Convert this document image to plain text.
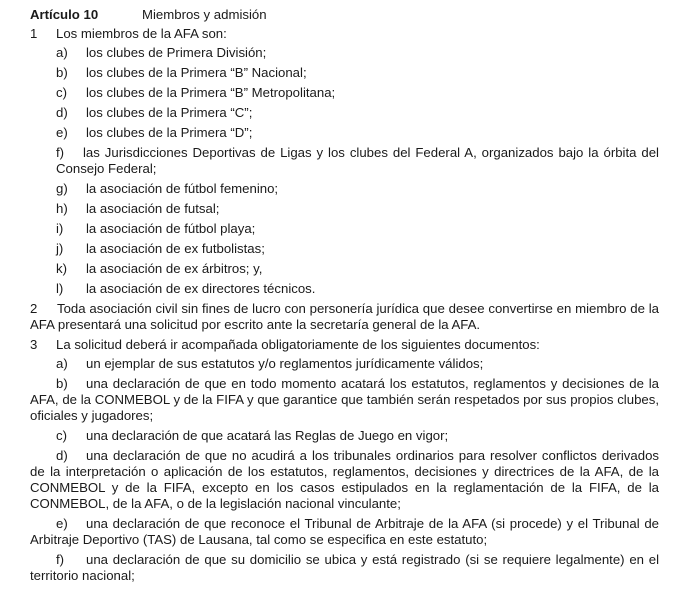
Artículo 10	Miembros y admisión
1	Los miembros de la AFA son:
a)	los clubes de Primera División;
b)	los clubes de la Primera “B” Nacional;
c)	los clubes de la Primera “B” Metropolitana;
d)	los clubes de la Primera “C”;
e)	los clubes de la Primera “D”;
f) las Jurisdicciones Deportivas de Ligas y los clubes del Federal A, organizados bajo la órbita del Consejo Federal;
g)	la asociación de fútbol femenino;
h)	la asociación de futsal;
i)	la asociación de fútbol playa;
j)	la asociación de ex futbolistas;
k)	la asociación de ex árbitros; y,
l)	la asociación de ex directores técnicos.
2 Toda asociación civil sin fines de lucro con personería jurídica que desee convertirse en miembro de la AFA presentará una solicitud por escrito ante la secretaría general de la AFA.
3	La solicitud deberá ir acompañada obligatoriamente de los siguientes documentos:
a)	un ejemplar de sus estatutos y/o reglamentos jurídicamente válidos;
b) una declaración de que en todo momento acatará los estatutos, reglamentos y decisiones de la AFA, de la CONMEBOL y de la FIFA y que garantice que también serán respetados por sus propios clubes, oficiales y jugadores;
c)	una declaración de que acatará las Reglas de Juego en vigor;
d) una declaración de que no acudirá a los tribunales ordinarios para resolver conflictos derivados de la interpretación o aplicación de los estatutos, reglamentos, decisiones y directrices de la AFA, de la CONMEBOL y de la FIFA, excepto en los casos estipulados en la reglamentación de la FIFA, de la CONMEBOL, de la AFA, o de la legislación nacional vinculante;
e) una declaración de que reconoce el Tribunal de Arbitraje de la AFA (si procede) y el Tribunal de Arbitraje Deportivo (TAS) de Lausana, tal como se especifica en este estatuto;
f) una declaración de que su domicilio se ubica y está registrado (si se requiere legalmente) en el territorio nacional;
